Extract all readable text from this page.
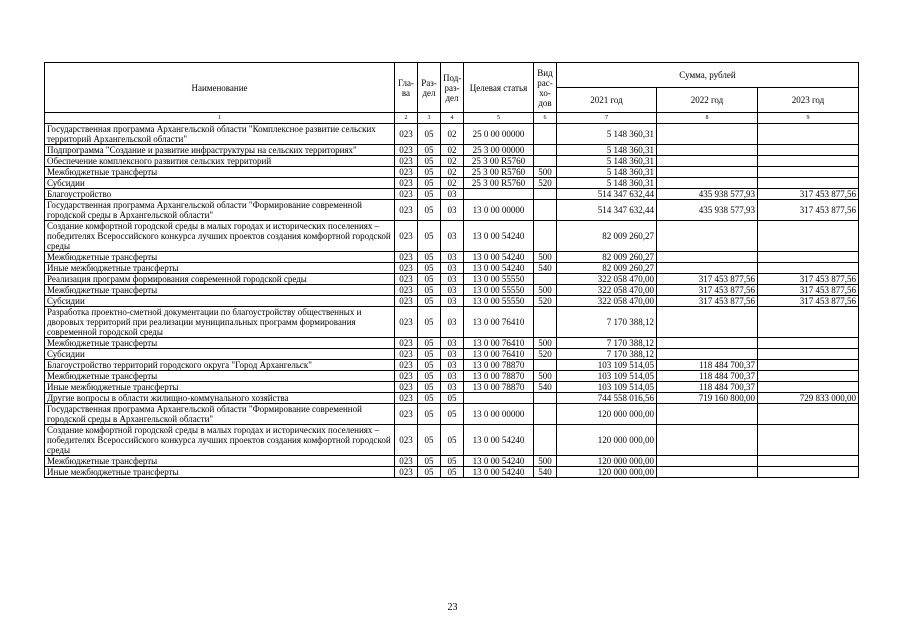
Наименование	Гла-ва	Раз-дел	Под-раз-дел	Целевая статья	Вид рас-хо-дов	Сумма, рублей		
						2021 год	2022 год	2023 год
1	2	3	4	5	6	7	8	9
Государственная программа Архангельской области "Комплексное развитие сельских территорий Архангельской области"	023	05	02	25 0 00 00000		5 148 360,31		
Подпрограмма "Создание и развитие инфраструктуры на сельских территориях"	023	05	02	25 3 00 00000		5 148 360,31		
Обеспечение комплексного развития сельских территорий	023	05	02	25 3 00 R5760		5 148 360,31		
Межбюджетные трансферты	023	05	02	25 3 00 R5760	500	5 148 360,31		
Субсидии	023	05	02	25 3 00 R5760	520	5 148 360,31		
Благоустройство	023	05	03			514 347 632,44	435 938 577,93	317 453 877,56
Государственная программа Архангельской области "Формирование современной городской среды в Архангельской области"	023	05	03	13 0 00 00000		514 347 632,44	435 938 577,93	317 453 877,56
Создание комфортной городской среды в малых городах и исторических поселениях – победителях Всероссийского конкурса лучших проектов создания комфортной городской среды	023	05	03	13 0 00 54240		82 009 260,27		
Межбюджетные трансферты	023	05	03	13 0 00 54240	500	82 009 260,27		
Иные межбюджетные трансферты	023	05	03	13 0 00 54240	540	82 009 260,27		
Реализация программ формирования современной городской среды	023	05	03	13 0 00 55550		322 058 470,00	317 453 877,56	317 453 877,56
Межбюджетные трансферты	023	05	03	13 0 00 55550	500	322 058 470,00	317 453 877,56	317 453 877,56
Субсидии	023	05	03	13 0 00 55550	520	322 058 470,00	317 453 877,56	317 453 877,56
Разработка проектно-сметной документации по благоустройству общественных и дворовых территорий при реализации муниципальных программ формирования современной городской среды	023	05	03	13 0 00 76410		7 170 388,12		
Межбюджетные трансферты	023	05	03	13 0 00 76410	500	7 170 388,12		
Субсидии	023	05	03	13 0 00 76410	520	7 170 388,12		
Благоустройство территорий городского округа "Город Архангельск"	023	05	03	13 0 00 78870		103 109 514,05	118 484 700,37	
Межбюджетные трансферты	023	05	03	13 0 00 78870	500	103 109 514,05	118 484 700,37	
Иные межбюджетные трансферты	023	05	03	13 0 00 78870	540	103 109 514,05	118 484 700,37	
Другие вопросы в области жилищно-коммунального хозяйства	023	05	05			744 558 016,56	719 160 800,00	729 833 000,00
Государственная программа Архангельской области "Формирование современной городской среды в Архангельской области"	023	05	05	13 0 00 00000		120 000 000,00		
Создание комфортной городской среды в малых городах и исторических поселениях – победителях Всероссийского конкурса лучших проектов создания комфортной городской среды	023	05	05	13 0 00 54240		120 000 000,00		
Межбюджетные трансферты	023	05	05	13 0 00 54240	500	120 000 000,00		
Иные межбюджетные трансферты	023	05	05	13 0 00 54240	540	120 000 000,00		
23
